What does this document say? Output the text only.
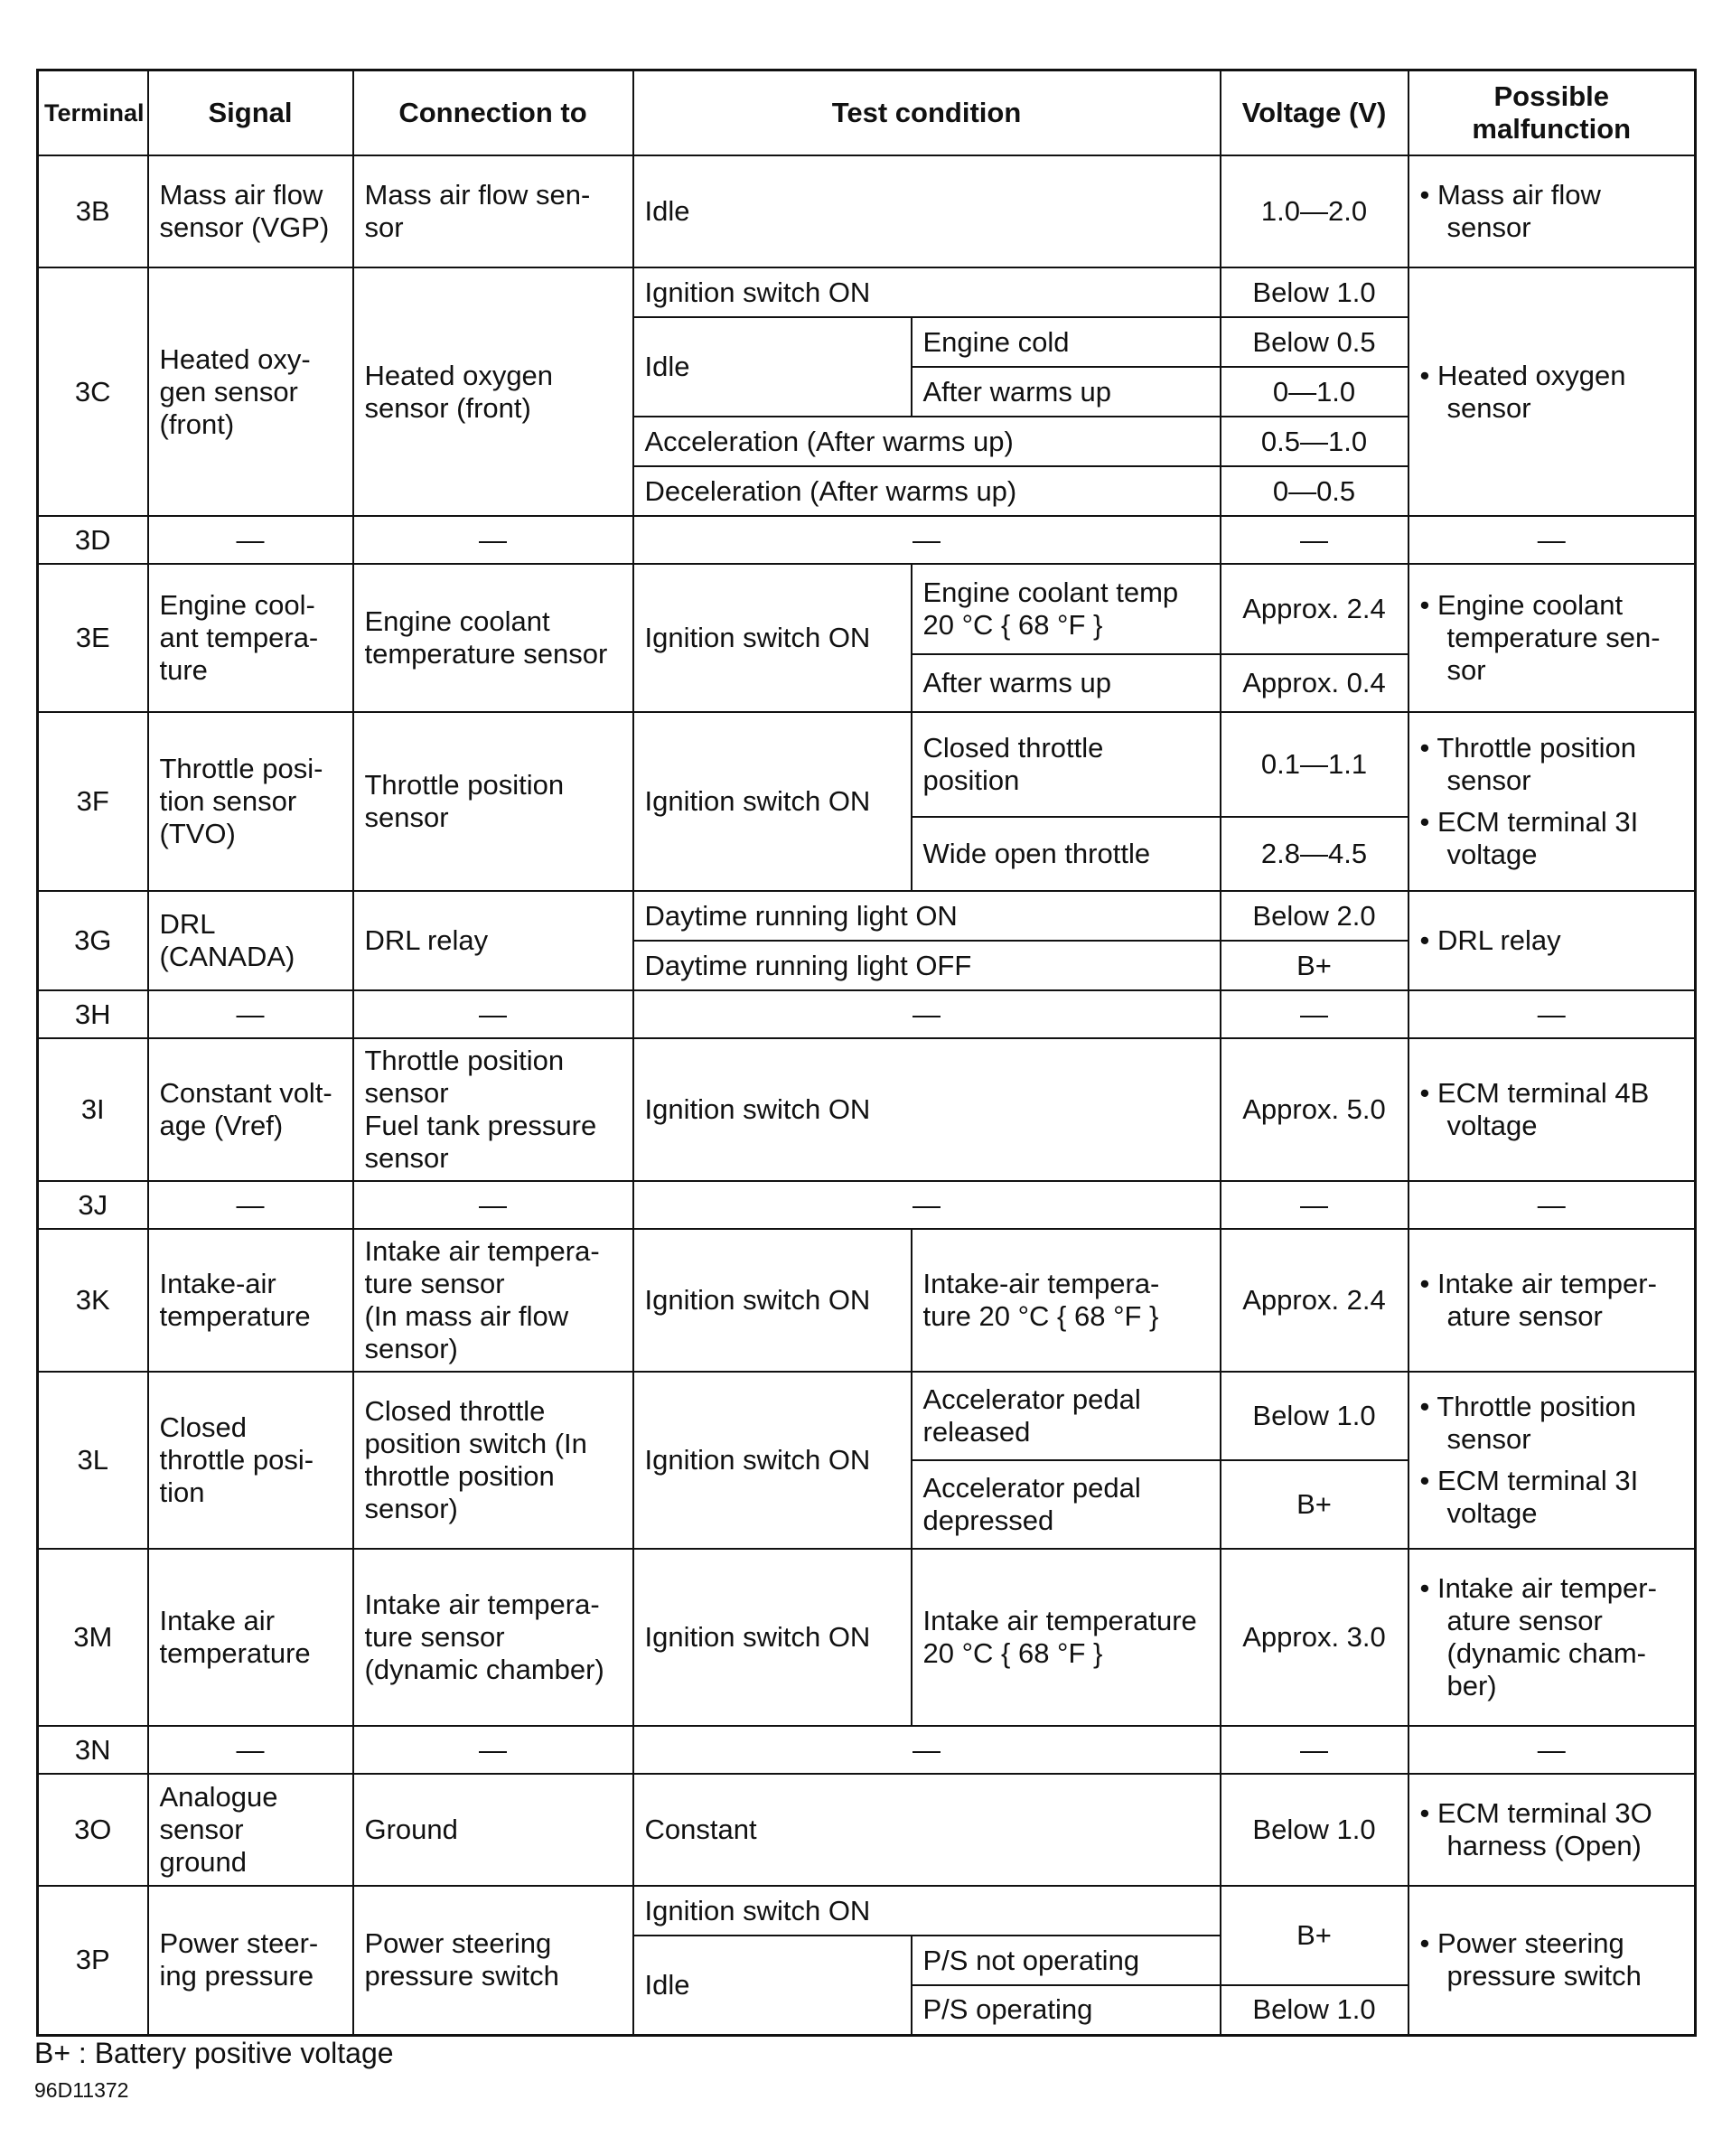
Terminal	Signal	Connection to	Test condition		Voltage (V)	Possible
malfunction
3B	Mass air flow
sensor (VGP)	Mass air flow sen-
sor	Idle		1.0—2.0	• Mass air flow
sensor

3C	Heated oxy-
gen sensor
(front)	Heated oxygen
sensor (front)	Ignition switch ON		Below 1.0	• Heated oxygen
sensor

			Idle	Engine cold	Below 0.5	
				After warms up	0—1.0	
			Acceleration (After warms up)		0.5—1.0	
			Deceleration (After warms up)		0—0.5	
3D	—	—	—		—	—
3E	Engine cool-
ant tempera-
ture	Engine coolant
temperature sensor	Ignition switch ON	Engine coolant temp
20 °C { 68 °F }	Approx. 2.4	• Engine coolant
temperature sen-
sor

				After warms up	Approx. 0.4	
3F	Throttle posi-
tion sensor
(TVO)	Throttle position
sensor	Ignition switch ON	Closed throttle
position	0.1—1.1	• Throttle position
sensor
• ECM terminal 3I
voltage

				Wide open throttle	2.8—4.5	
3G	DRL
(CANADA)	DRL relay	Daytime running light ON		Below 2.0	• DRL relay

			Daytime running light OFF		B+	
3H	—	—	—		—	—
3I	Constant volt-
age (Vref)	Throttle position
sensor
Fuel tank pressure
sensor	Ignition switch ON		Approx. 5.0	• ECM terminal 4B
voltage

3J	—	—	—		—	—
3K	Intake-air
temperature	Intake air tempera-
ture sensor
(In mass air flow
sensor)	Ignition switch ON	Intake-air tempera-
ture 20 °C { 68 °F }	Approx. 2.4	• Intake air temper-
ature sensor

3L	Closed
throttle posi-
tion	Closed throttle
position switch (In
throttle position
sensor)	Ignition switch ON	Accelerator pedal
released	Below 1.0	• Throttle position
sensor
• ECM terminal 3I
voltage

				Accelerator pedal
depressed	B+	
3M	Intake air
temperature	Intake air tempera-
ture sensor
(dynamic chamber)	Ignition switch ON	Intake air temperature
20 °C { 68 °F }	Approx. 3.0	• Intake air temper-
ature sensor
(dynamic cham-
ber)

3N	—	—	—		—	—
3O	Analogue
sensor
ground	Ground	Constant		Below 1.0	• ECM terminal 3O
harness (Open)

3P	Power steer-
ing pressure	Power steering
pressure switch	Ignition switch ON		B+	• Power steering
pressure switch

			Idle	P/S not operating		
				P/S operating	Below 1.0	
B+ : Battery positive voltage
96D11372
